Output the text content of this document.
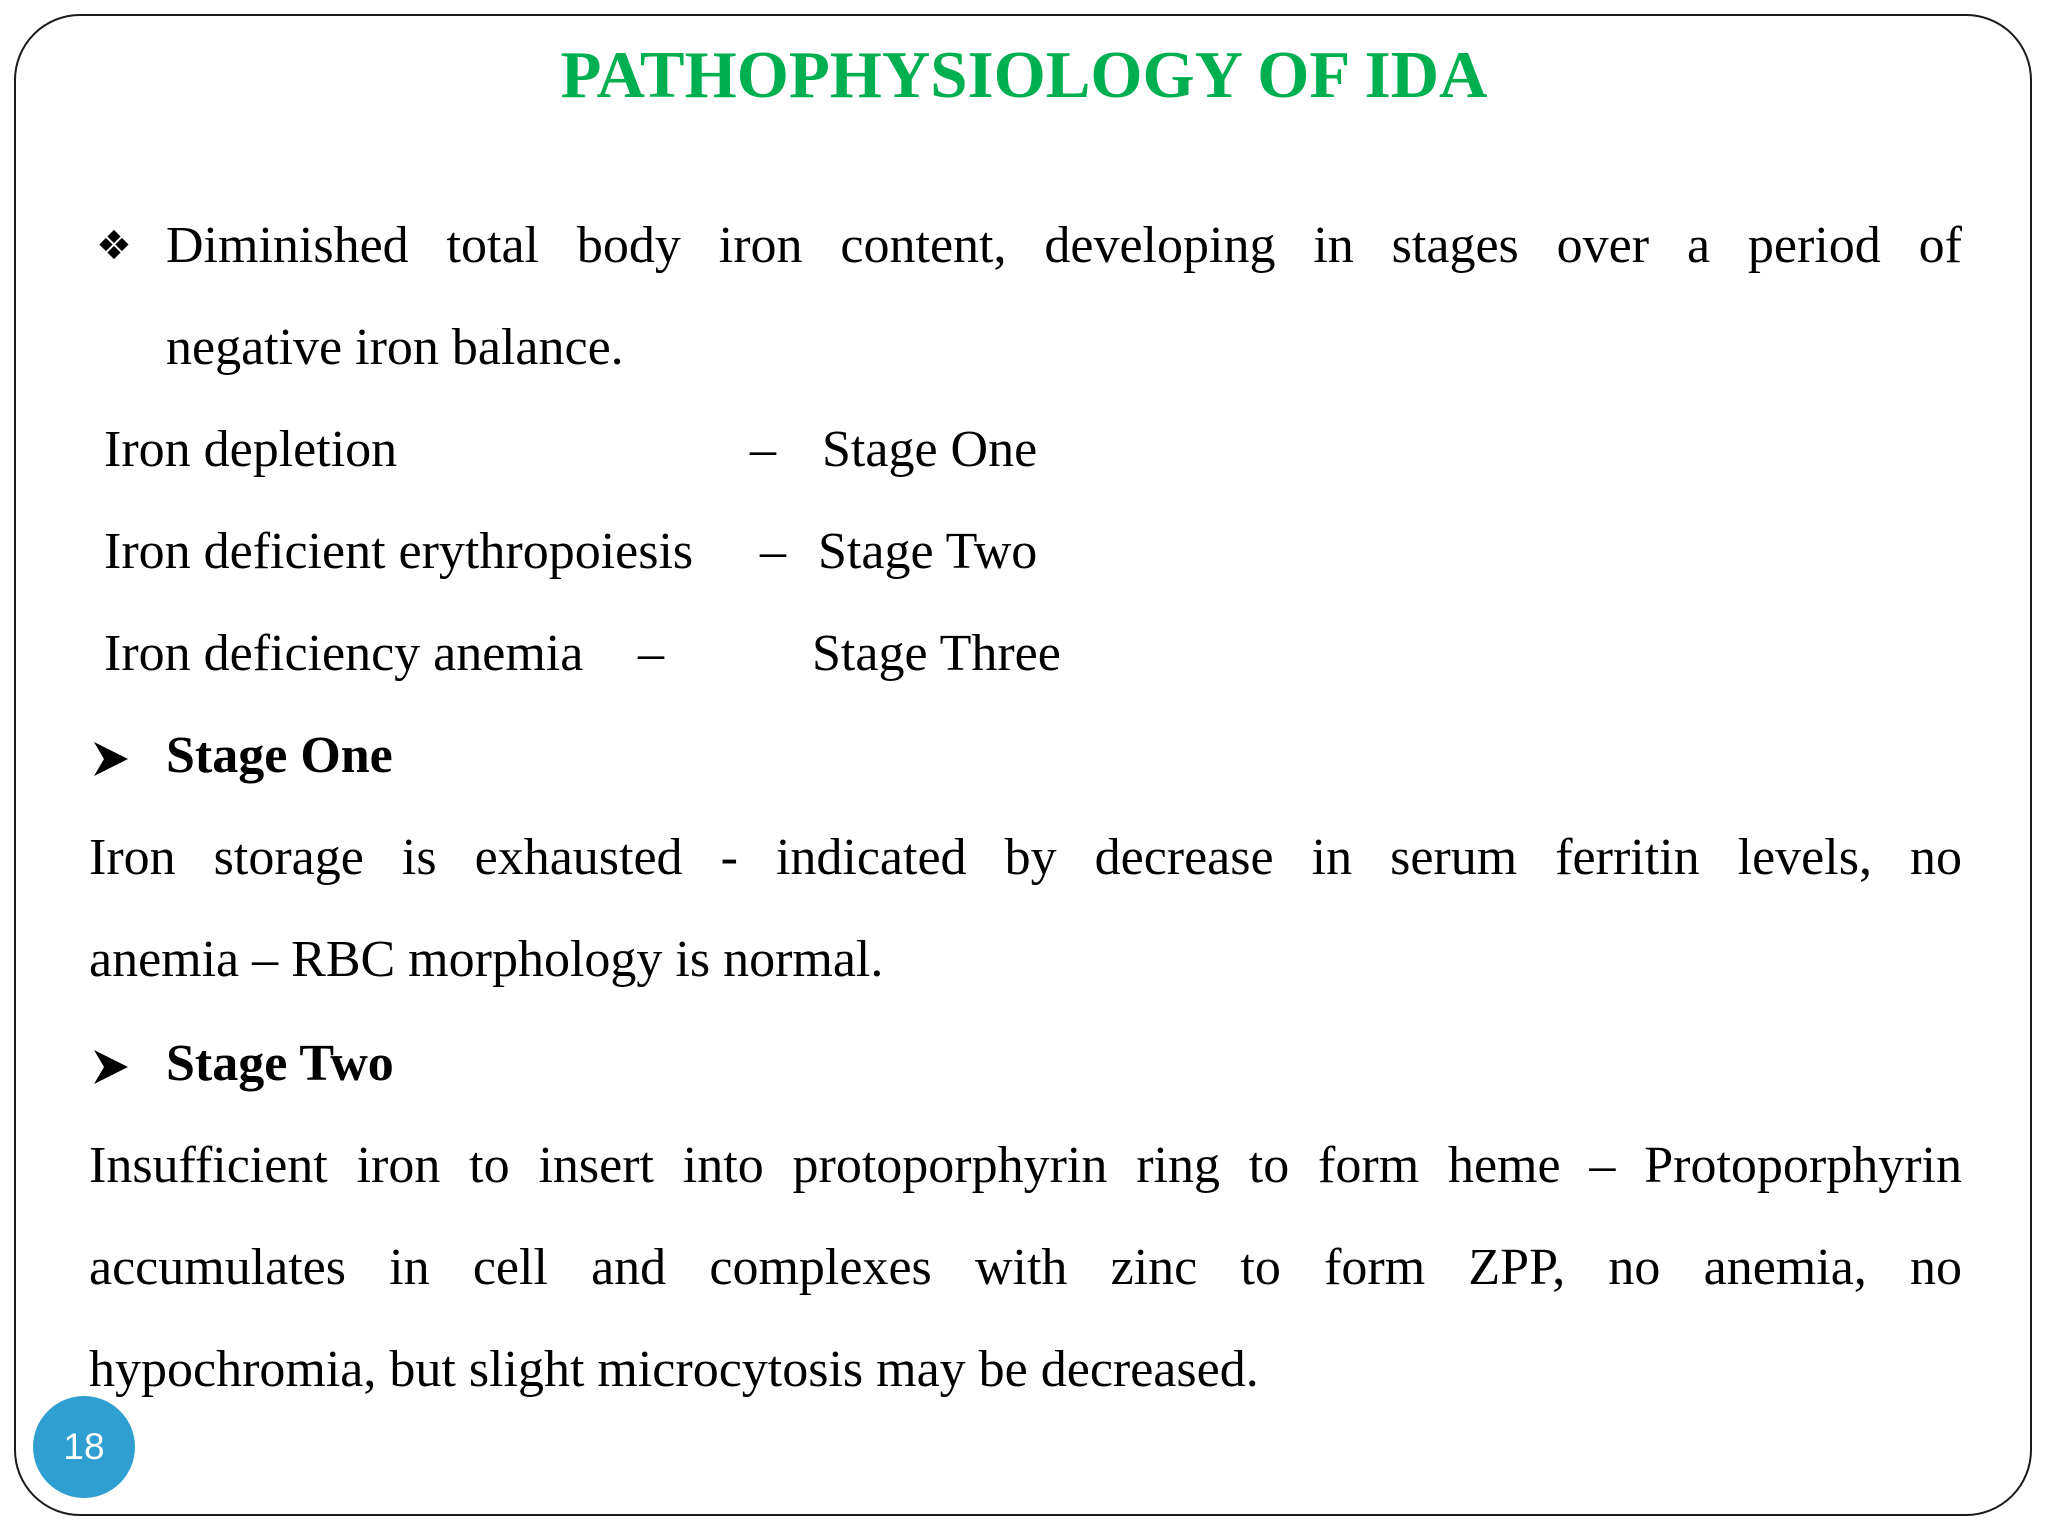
PATHOPHYSIOLOGY OF IDA
❖ Diminished total body iron content, developing in stages over a period of
negative iron balance.
Iron depletion	– Stage One
Iron deficient erythropoiesis – Stage Two
Iron deficiency anemia –	Stage Three
Stage One
Iron storage is exhausted - indicated by decrease in serum ferritin levels, no
anemia – RBC morphology is normal.
Stage Two
Insufficient iron to insert into protoporphyrin ring to form heme – Protoporphyrin
accumulates in cell and complexes with zinc to form ZPP, no anemia, no
hypochromia, but slight microcytosis may be decreased.
18
